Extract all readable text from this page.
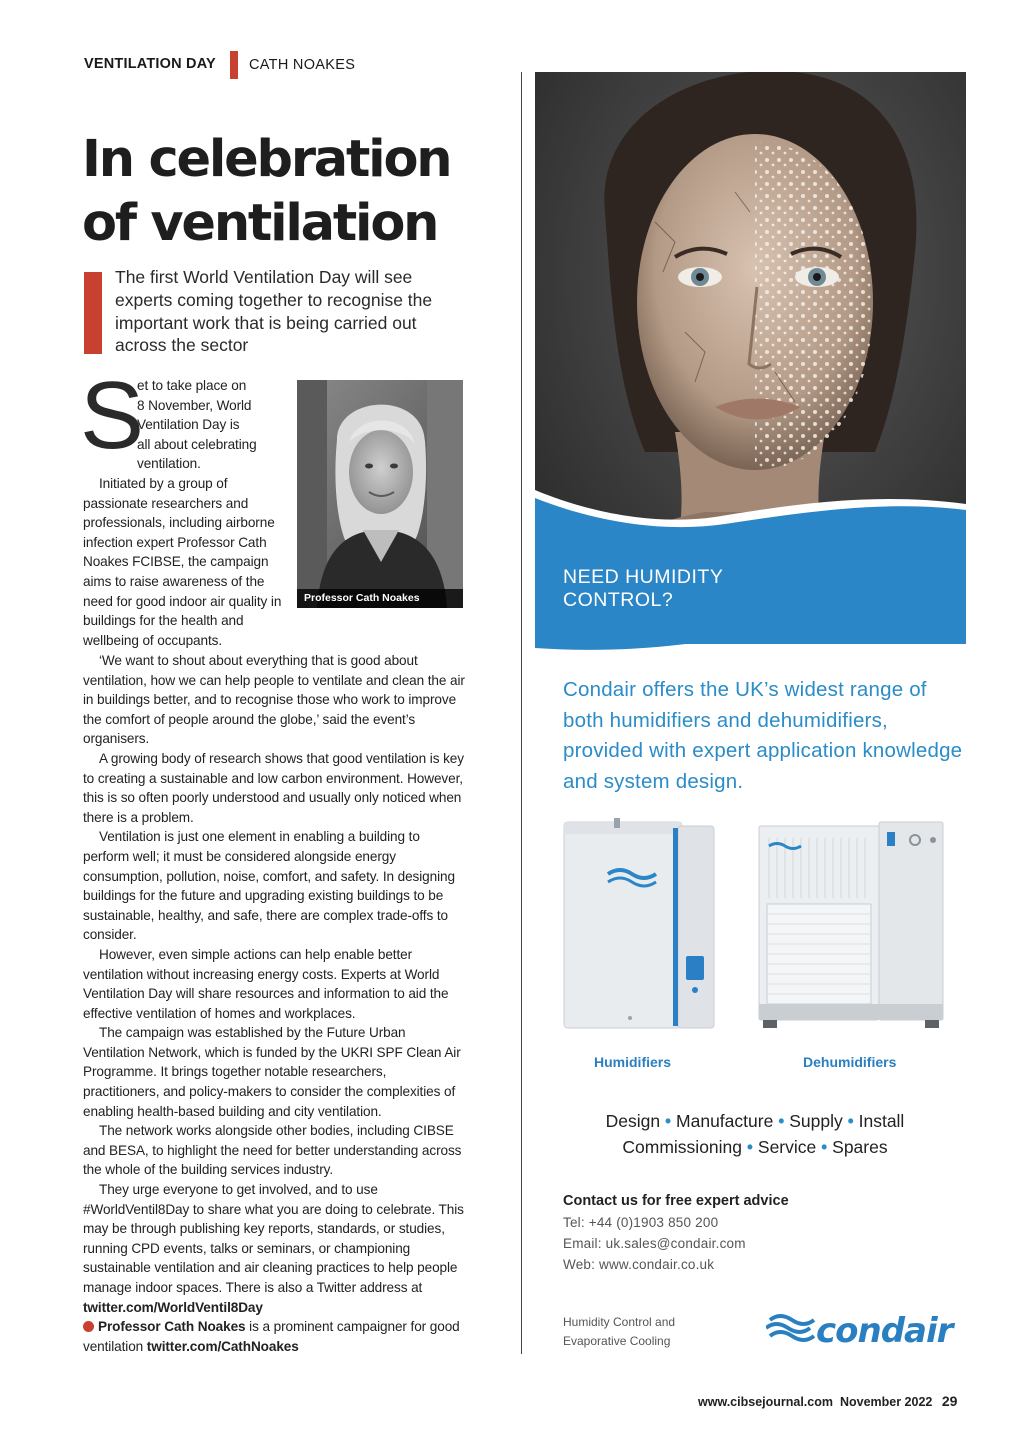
VENTILATION DAY CATH NOAKES
In celebration
of ventilation
The first World Ventilation Day will see experts coming together to recognise the important work that is being carried out across the sector
S
et to take place on
8 November, World
Ventilation Day is
all about celebrating
ventilation.
Initiated by a group of passionate researchers and professionals, including airborne infection expert Professor Cath Noakes FCIBSE, the campaign aims to raise awareness of the need for good indoor air quality in buildings for the health and wellbeing of occupants.
Professor Cath Noakes
‘We want to shout about everything that is good about ventilation, how we can help people to ventilate and clean the air in buildings better, and to recognise those who work to improve the comfort of people around the globe,’ said the event’s organisers.
A growing body of research shows that good ventilation is key to creating a sustainable and low carbon environment. However, this is so often poorly understood and usually only noticed when there is a problem.
Ventilation is just one element in enabling a building to perform well; it must be considered alongside energy consumption, pollution, noise, comfort, and safety. In designing buildings for the future and upgrading existing buildings to be sustainable, healthy, and safe, there are complex trade-offs to consider.
However, even simple actions can help enable better ventilation without increasing energy costs. Experts at World Ventilation Day will share resources and information to aid the effective ventilation of homes and workplaces.
The campaign was established by the Future Urban Ventilation Network, which is funded by the UKRI SPF Clean Air Programme. It brings together notable researchers, practitioners, and policy-makers to consider the complexities of enabling health-based building and city ventilation.
The network works alongside other bodies, including CIBSE and BESA, to highlight the need for better understanding across the whole of the building services industry.
They urge everyone to get involved, and to use #WorldVentil8Day to share what you are doing to celebrate. This may be through publishing key reports, standards, or studies, running CPD events, talks or seminars, or championing sustainable ventilation and air cleaning practices to help people manage indoor spaces. There is also a Twitter address at twitter.com/WorldVentil8Day
Professor Cath Noakes is a prominent campaigner for good ventilation twitter.com/CathNoakes
NEED HUMIDITY
CONTROL?
Condair offers the UK’s widest range of both humidifiers and dehumidifiers, provided with expert application knowledge and system design.
Humidifiers	Dehumidifiers
Design • Manufacture • Supply • Install
Commissioning • Service • Spares
Contact us for free expert advice
Tel: +44 (0)1903 850 200
Email: uk.sales@condair.com
Web: www.condair.co.uk
Humidity Control and Evaporative Cooling	condair
www.cibsejournal.com November 2022 29
